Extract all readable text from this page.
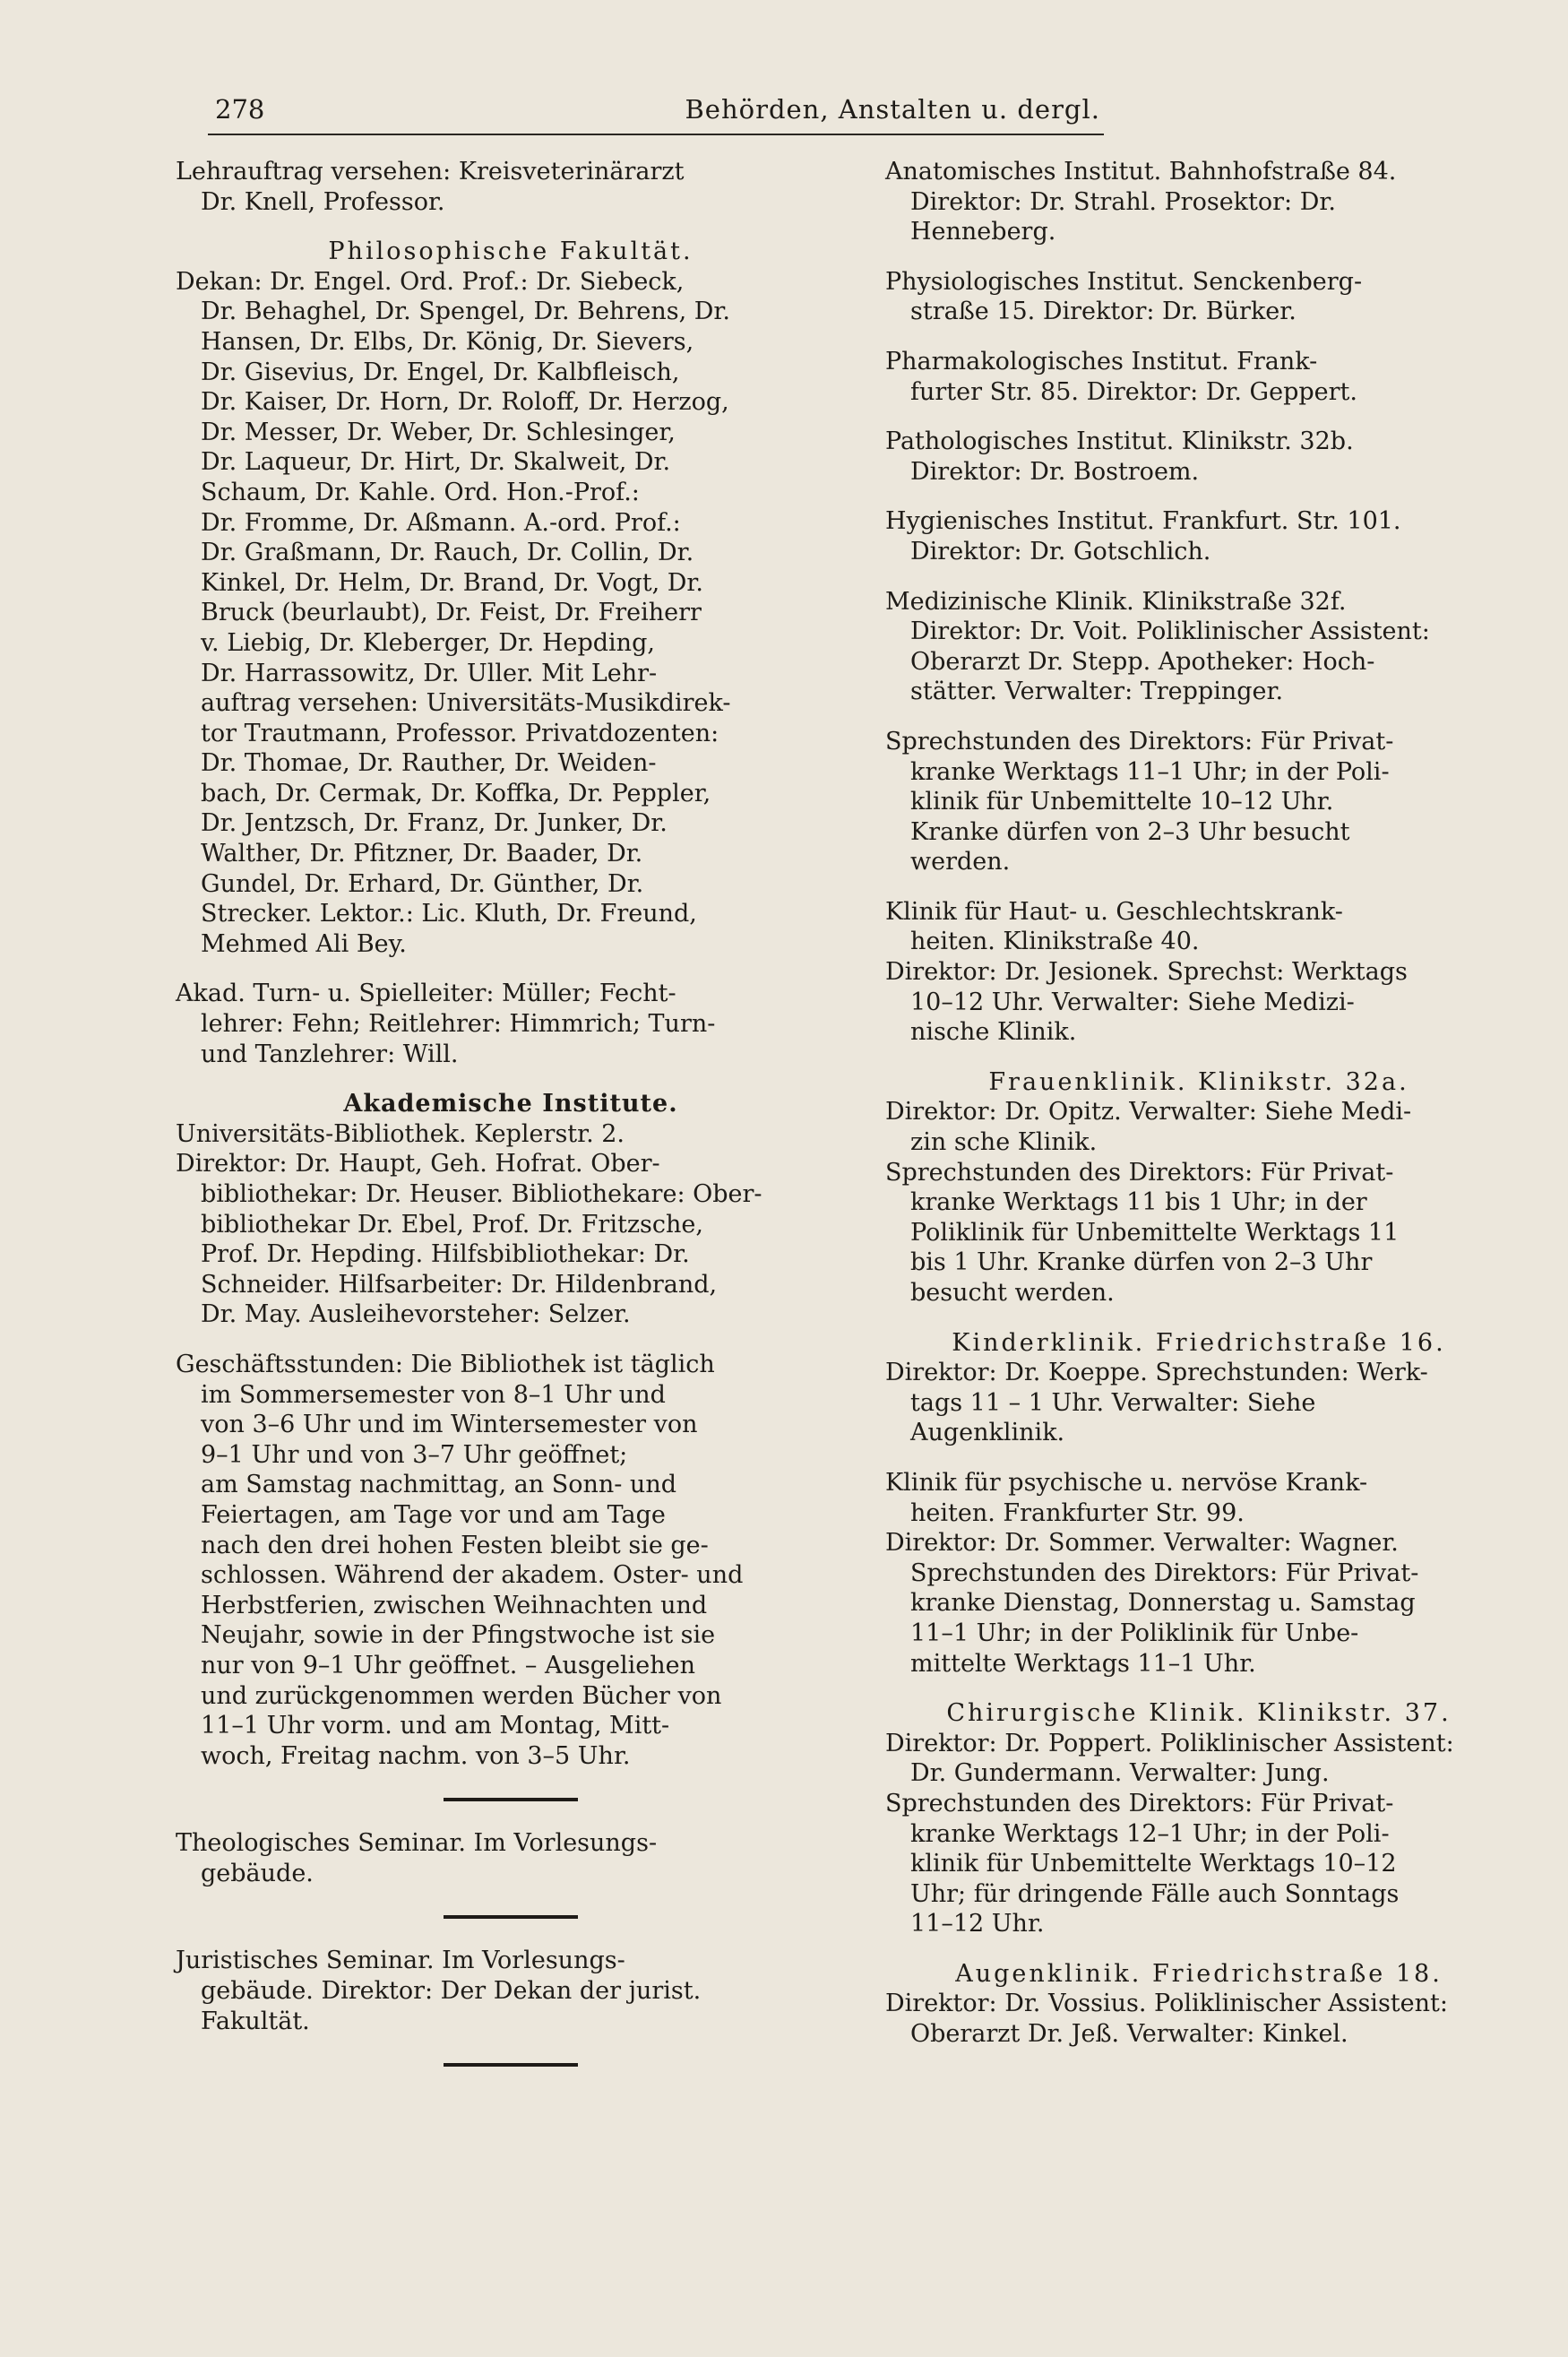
278	Behörden, Anstalten u. dergl.

Lehrauftrag versehen: Kreisveterinärarzt

Dr. Knell, Professor.

Philosophische Fakultät.

Dekan: Dr. Engel. Ord. Prof.: Dr. Siebeck,

Dr. Behaghel, Dr. Spengel, Dr. Behrens, Dr.

Hansen, Dr. Elbs, Dr. König, Dr. Sievers,

Dr. Gisevius, Dr. Engel, Dr. Kalbfleisch,

Dr. Kaiser, Dr. Horn, Dr. Roloff, Dr. Herzog,

Dr. Messer, Dr. Weber, Dr. Schlesinger,

Dr. Laqueur, Dr. Hirt, Dr. Skalweit, Dr.

Schaum, Dr. Kahle. Ord. Hon.-Prof.:

Dr. Fromme, Dr. Aßmann. A.-ord. Prof.:

Dr. Graßmann, Dr. Rauch, Dr. Collin, Dr.

Kinkel, Dr. Helm, Dr. Brand, Dr. Vogt, Dr.

Bruck (beurlaubt), Dr. Feist, Dr. Freiherr

v. Liebig, Dr. Kleberger, Dr. Hepding,

Dr. Harrassowitz, Dr. Uller. Mit Lehr-

auftrag versehen: Universitäts-Musikdirek-

tor Trautmann, Professor. Privatdozenten:

Dr. Thomae, Dr. Rauther, Dr. Weiden-

bach, Dr. Cermak, Dr. Koffka, Dr. Peppler,

Dr. Jentzsch, Dr. Franz, Dr. Junker, Dr.

Walther, Dr. Pfitzner, Dr. Baader, Dr.

Gundel, Dr. Erhard, Dr. Günther, Dr.

Strecker. Lektor.: Lic. Kluth, Dr. Freund,

Mehmed Ali Bey.

Akad. Turn- u. Spielleiter: Müller; Fecht-

lehrer: Fehn; Reitlehrer: Himmrich; Turn-

und Tanzlehrer: Will.

Akademische Institute.

Universitäts-Bibliothek. Keplerstr. 2.

Direktor: Dr. Haupt, Geh. Hofrat. Ober-

bibliothekar: Dr. Heuser. Bibliothekare: Ober-

bibliothekar Dr. Ebel, Prof. Dr. Fritzsche,

Prof. Dr. Hepding. Hilfsbibliothekar: Dr.

Schneider. Hilfsarbeiter: Dr. Hildenbrand,

Dr. May. Ausleihevorsteher: Selzer.

Geschäftsstunden: Die Bibliothek ist täglich

im Sommersemester von 8–1 Uhr und

von 3–6 Uhr und im Wintersemester von

9–1 Uhr und von 3–7 Uhr geöffnet;

am Samstag nachmittag, an Sonn- und

Feiertagen, am Tage vor und am Tage

nach den drei hohen Festen bleibt sie ge-

schlossen. Während der akadem. Oster- und

Herbstferien, zwischen Weihnachten und

Neujahr, sowie in der Pfingstwoche ist sie

nur von 9–1 Uhr geöffnet. – Ausgeliehen

und zurückgenommen werden Bücher von

11–1 Uhr vorm. und am Montag, Mitt-

woch, Freitag nachm. von 3–5 Uhr.

Theologisches Seminar. Im Vorlesungs-

gebäude.

Juristisches Seminar. Im Vorlesungs-

gebäude. Direktor: Der Dekan der jurist.

Fakultät.

Anatomisches Institut. Bahnhofstraße 84.

Direktor: Dr. Strahl. Prosektor: Dr.

Henneberg.

Physiologisches Institut. Senckenberg-

straße 15. Direktor: Dr. Bürker.

Pharmakologisches Institut. Frank-

furter Str. 85. Direktor: Dr. Geppert.

Pathologisches Institut. Klinikstr. 32b.

Direktor: Dr. Bostroem.

Hygienisches Institut. Frankfurt. Str. 101.

Direktor: Dr. Gotschlich.

Medizinische Klinik. Klinikstraße 32f.

Direktor: Dr. Voit. Poliklinischer Assistent:

Oberarzt Dr. Stepp. Apotheker: Hoch-

stätter. Verwalter: Treppinger.

Sprechstunden des Direktors: Für Privat-

kranke Werktags 11–1 Uhr; in der Poli-

klinik für Unbemittelte 10–12 Uhr.

Kranke dürfen von 2–3 Uhr besucht

werden.

Klinik für Haut- u. Geschlechtskrank-

heiten. Klinikstraße 40.

Direktor: Dr. Jesionek. Sprechst: Werktags

10–12 Uhr. Verwalter: Siehe Medizi-

nische Klinik.

Frauenklinik. Klinikstr. 32a.

Direktor: Dr. Opitz. Verwalter: Siehe Medi-

zin sche Klinik.

Sprechstunden des Direktors: Für Privat-

kranke Werktags 11 bis 1 Uhr; in der

Poliklinik für Unbemittelte Werktags 11

bis 1 Uhr. Kranke dürfen von 2–3 Uhr

besucht werden.

Kinderklinik. Friedrichstraße 16.

Direktor: Dr. Koeppe. Sprechstunden: Werk-

tags 11 – 1 Uhr. Verwalter: Siehe

Augenklinik.

Klinik für psychische u. nervöse Krank-

heiten. Frankfurter Str. 99.

Direktor: Dr. Sommer. Verwalter: Wagner.

Sprechstunden des Direktors: Für Privat-

kranke Dienstag, Donnerstag u. Samstag

11–1 Uhr; in der Poliklinik für Unbe-

mittelte Werktags 11–1 Uhr.

Chirurgische Klinik. Klinikstr. 37.

Direktor: Dr. Poppert. Poliklinischer Assistent:

Dr. Gundermann. Verwalter: Jung.

Sprechstunden des Direktors: Für Privat-

kranke Werktags 12–1 Uhr; in der Poli-

klinik für Unbemittelte Werktags 10–12

Uhr; für dringende Fälle auch Sonntags

11–12 Uhr.

Augenklinik. Friedrichstraße 18.

Direktor: Dr. Vossius. Poliklinischer Assistent:

Oberarzt Dr. Jeß. Verwalter: Kinkel.
